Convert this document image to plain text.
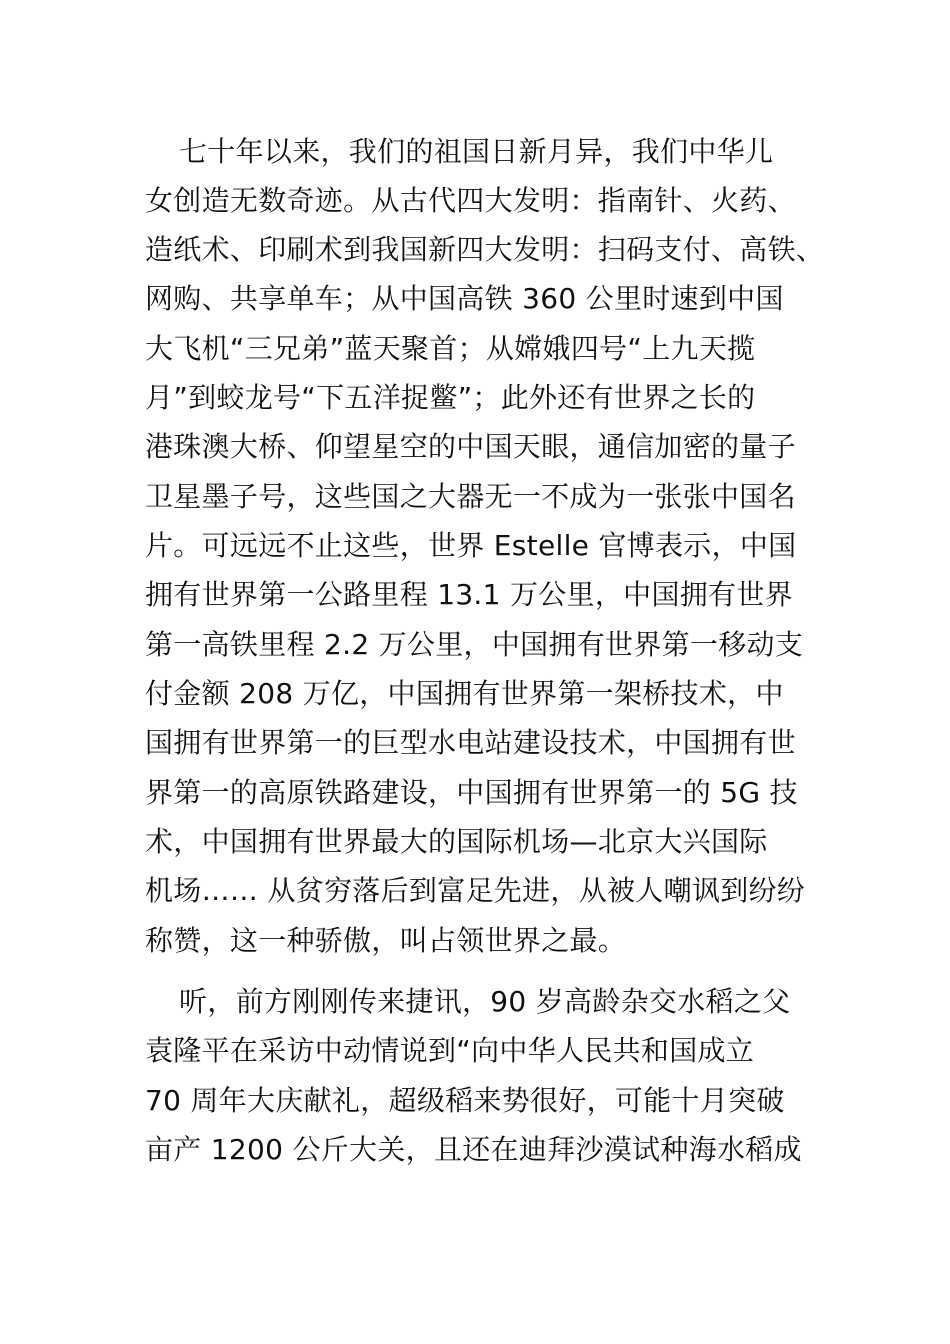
七十年以来，我们的祖国日新月异，我们中华儿
女创造无数奇迹。从古代四大发明：指南针、火药、
造纸术、印刷术到我国新四大发明：扫码支付、高铁、
网购、共享单车；从中国高铁 360 公里时速到中国
大飞机“三兄弟”蓝天聚首；从嫦娥四号“上九天揽
月”到蛟龙号“下五洋捉鳖”；此外还有世界之长的
港珠澳大桥、仰望星空的中国天眼，通信加密的量子
卫星墨子号，这些国之大器无一不成为一张张中国名
片。可远远不止这些，世界 Estelle 官博表示，中国
拥有世界第一公路里程 13.1 万公里，中国拥有世界
第一高铁里程 2.2 万公里，中国拥有世界第一移动支
付金额 208 万亿，中国拥有世界第一架桥技术，中
国拥有世界第一的巨型水电站建设技术，中国拥有世
界第一的高原铁路建设，中国拥有世界第一的 5G 技
术，中国拥有世界最大的国际机场—北京大兴国际
机场…… 从贫穷落后到富足先进，从被人嘲讽到纷纷
称赞，这一种骄傲，叫占领世界之最。
听，前方刚刚传来捷讯，90 岁高龄杂交水稻之父
袁隆平在采访中动情说到“向中华人民共和国成立
70 周年大庆献礼，超级稻来势很好，可能十月突破
亩产 1200 公斤大关，且还在迪拜沙漠试种海水稻成
